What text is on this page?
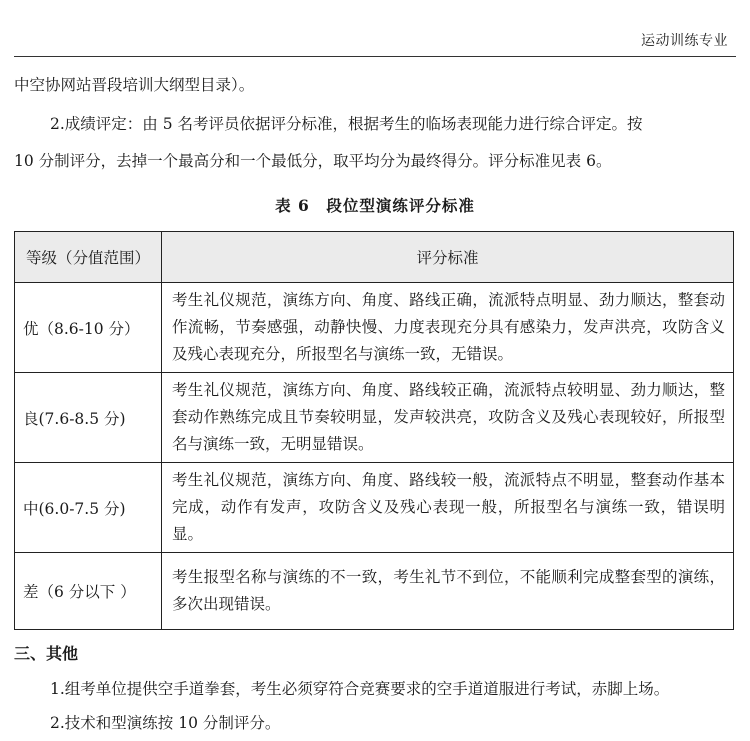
运动训练专业
中空协网站晋段培训大纲型目录）。
2.成绩评定：由 5 名考评员依据评分标准，根据考生的临场表现能力进行综合评定。按
10 分制评分，去掉一个最高分和一个最低分，取平均分为最终得分。评分标准见表 6。
表 6　段位型演练评分标准
等级（分值范围）	评分标准
优（8.6-10 分）	考生礼仪规范，演练方向、角度、路线正确，流派特点明显、劲力顺达，整套动作流畅，节奏感强，动静快慢、力度表现充分具有感染力，发声洪亮，攻防含义及残心表现充分，所报型名与演练一致，无错误。
良(7.6-8.5 分)	考生礼仪规范，演练方向、角度、路线较正确，流派特点较明显、劲力顺达，整套动作熟练完成且节奏较明显，发声较洪亮，攻防含义及残心表现较好，所报型名与演练一致，无明显错误。
中(6.0-7.5 分)	考生礼仪规范，演练方向、角度、路线较一般，流派特点不明显，整套动作基本完成，动作有发声，攻防含义及残心表现一般，所报型名与演练一致，错误明显。
差（6 分以下 ）	考生报型名称与演练的不一致，考生礼节不到位，不能顺利完成整套型的演练，多次出现错误。
三、其他
1.组考单位提供空手道拳套，考生必须穿符合竞赛要求的空手道道服进行考试，赤脚上场。
2.技术和型演练按 10 分制评分。
